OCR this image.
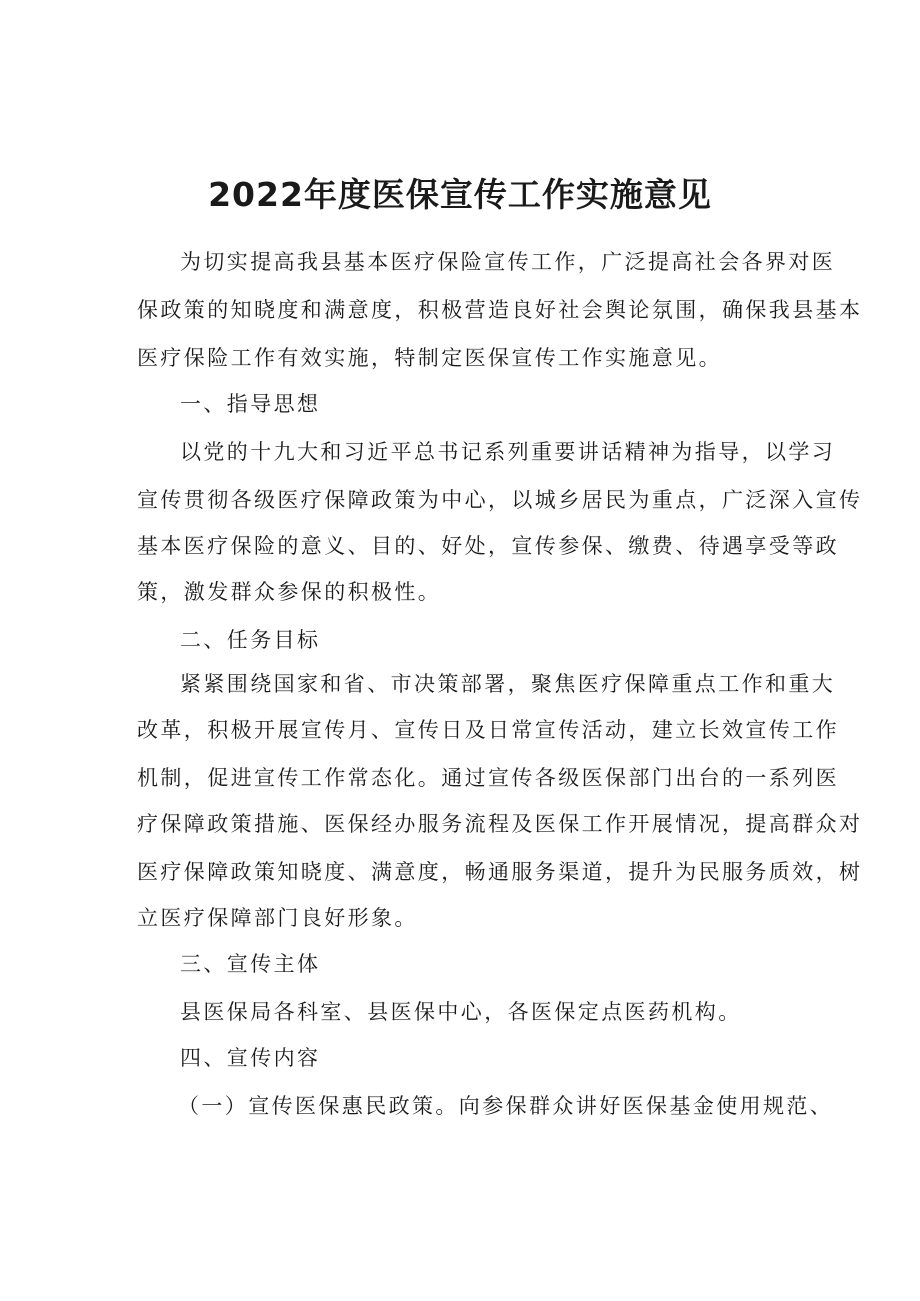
2022年度医保宣传工作实施意见

为切实提高我县基本医疗保险宣传工作，广泛提高社会各界对医

保政策的知晓度和满意度，积极营造良好社会舆论氛围，确保我县基本

医疗保险工作有效实施，特制定医保宣传工作实施意见。

一、指导思想

以党的十九大和习近平总书记系列重要讲话精神为指导，以学习

宣传贯彻各级医疗保障政策为中心，以城乡居民为重点，广泛深入宣传

基本医疗保险的意义、目的、好处，宣传参保、缴费、待遇享受等政

策，激发群众参保的积极性。

二、任务目标

紧紧围绕国家和省、市决策部署，聚焦医疗保障重点工作和重大

改革，积极开展宣传月、宣传日及日常宣传活动，建立长效宣传工作

机制，促进宣传工作常态化。通过宣传各级医保部门出台的一系列医

疗保障政策措施、医保经办服务流程及医保工作开展情况，提高群众对

医疗保障政策知晓度、满意度，畅通服务渠道，提升为民服务质效，树

立医疗保障部门良好形象。

三、宣传主体

县医保局各科室、县医保中心，各医保定点医药机构。

四、宣传内容

（一）宣传医保惠民政策。向参保群众讲好医保基金使用规范、
